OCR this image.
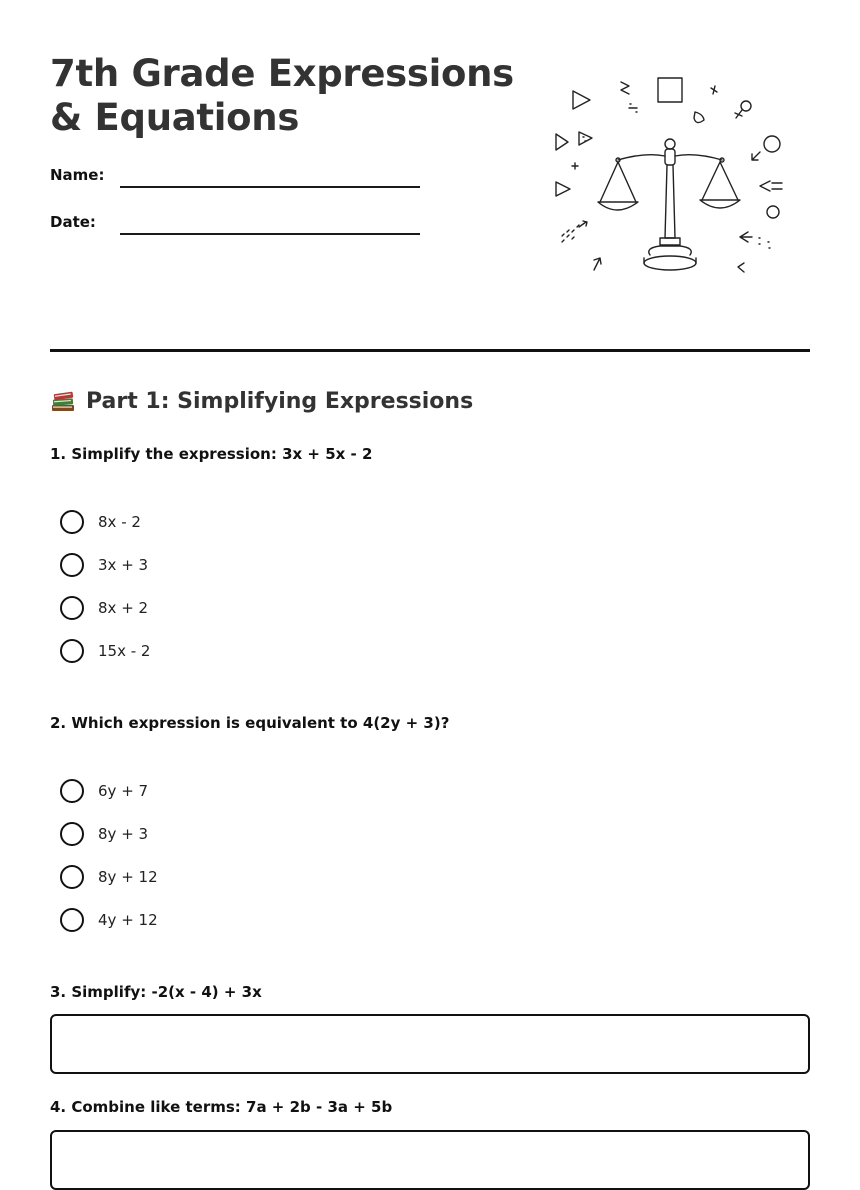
7th Grade Expressions
& Equations
Name:
Date:
Part 1: Simplifying Expressions

1. Simplify the expression: 3x + 5x - 2

8x - 2
3x + 3
8x + 2
15x - 2

2. Which expression is equivalent to 4(2y + 3)?

6y + 7
8y + 3
8y + 12
4y + 12

3. Simplify: -2(x - 4) + 3x

4. Combine like terms: 7a + 2b - 3a + 5b
